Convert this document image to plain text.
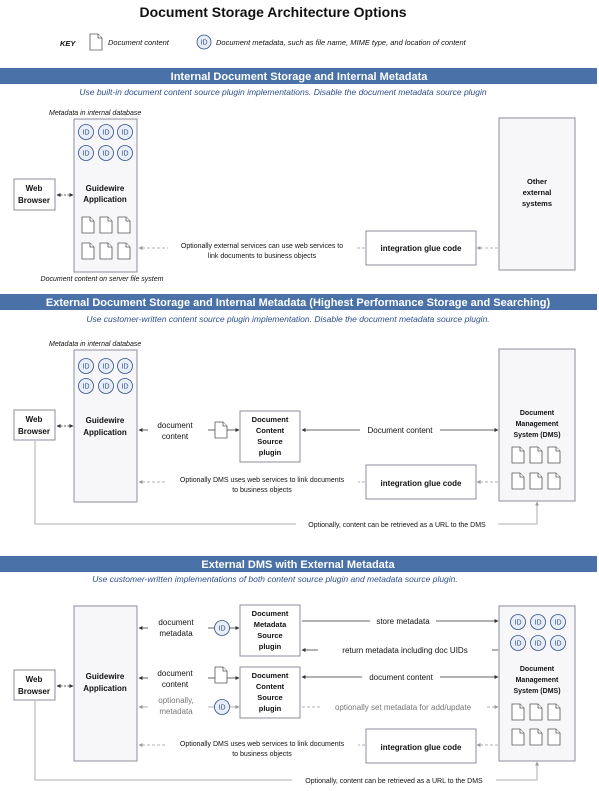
Document Storage Architecture Options
KEY	Document content	ID Document metadata, such as file name, MIME type, and location of content
Internal Document Storage and Internal Metadata
Use built-in document content source plugin implementations. Disable the document metadata source plugin
Metadata in internal database
ID ID ID
ID ID ID
Guidewire
Application
Document content on server file system
Web
Browser
Other
external
systems
integration glue code
Optionally external services can use web services to
link documents to business objects
External Document Storage and Internal Metadata (Highest Performance Storage and Searching)
Use customer-written content source plugin implementation. Disable the document metadata source plugin.
Metadata in internal database
ID ID ID
ID ID ID
Guidewire
Application
Web
Browser
document
content
Document
Content
Source
plugin
Document content
Document
Management
System (DMS)
integration glue code
Optionally DMS uses web services to link documents
to business objects
Optionally, content can be retrieved as a URL to the DMS
External DMS with External Metadata
Use customer-written implementations of both content source plugin and metadata source plugin.
Guidewire
Application
Web
Browser
document
metadata	ID
Document
Metadata
Source
plugin
store metadata
return metadata including doc UIDs
document
content
optionally,
metadata	ID
Document
Content
Source
plugin
document content
optionally set metadata for add/update
ID ID ID
ID ID ID
Document
Management
System (DMS)
integration glue code
Optionally DMS uses web services to link documents
to business objects
Optionally, content can be retrieved as a URL to the DMS
